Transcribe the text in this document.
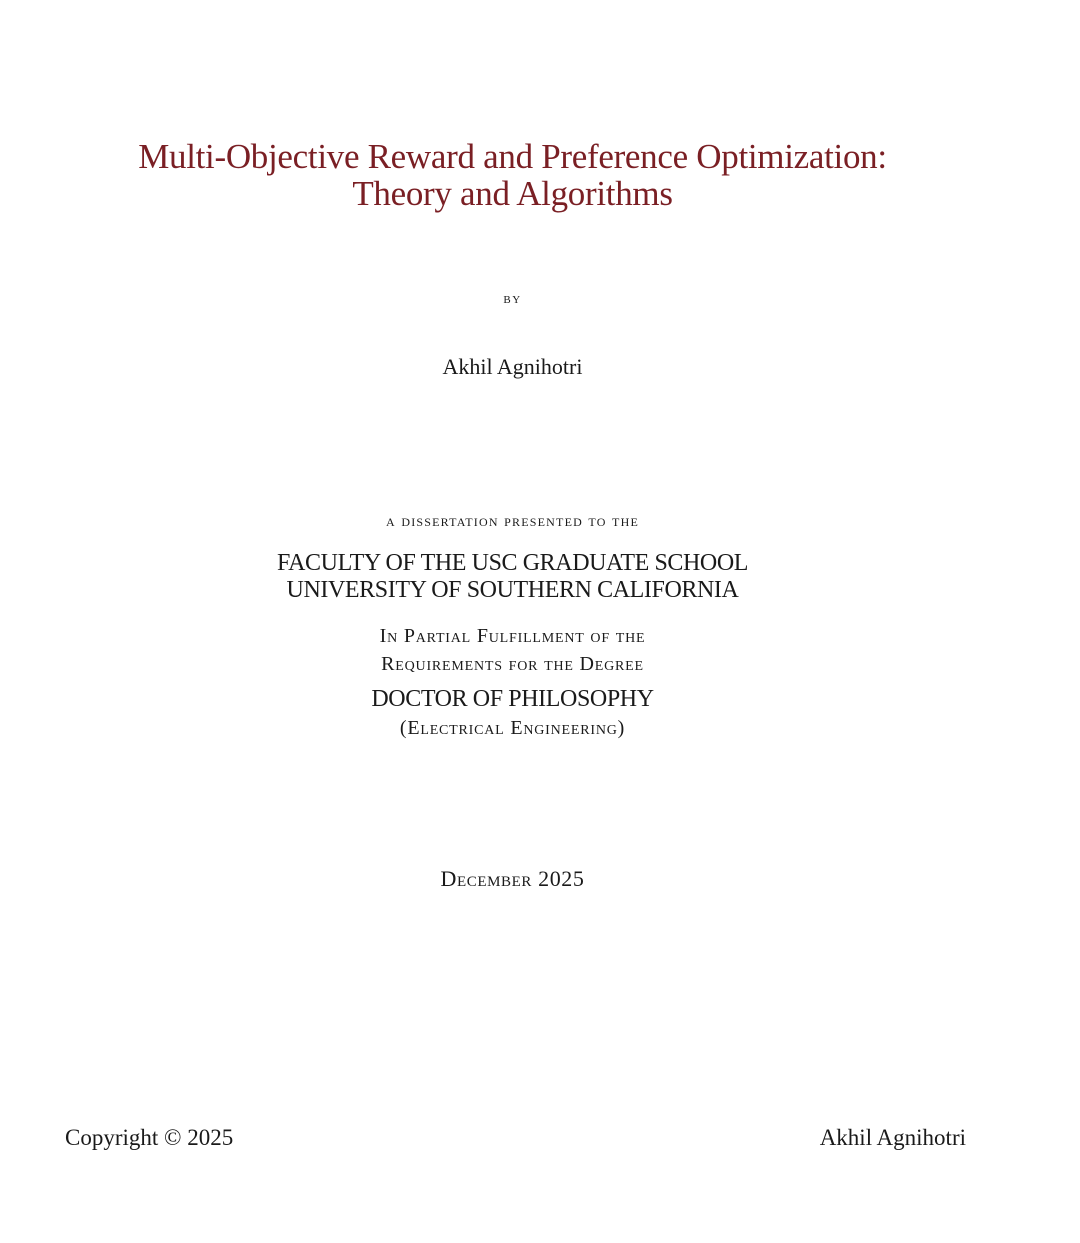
Multi-Objective Reward and Preference Optimization:
Theory and Algorithms
by
Akhil Agnihotri
a dissertation presented to the
FACULTY OF THE USC GRADUATE SCHOOL
UNIVERSITY OF SOUTHERN CALIFORNIA
In Partial Fulfillment of the
Requirements for the Degree
DOCTOR OF PHILOSOPHY
(Electrical Engineering)
December 2025
Copyright © 2025	Akhil Agnihotri
